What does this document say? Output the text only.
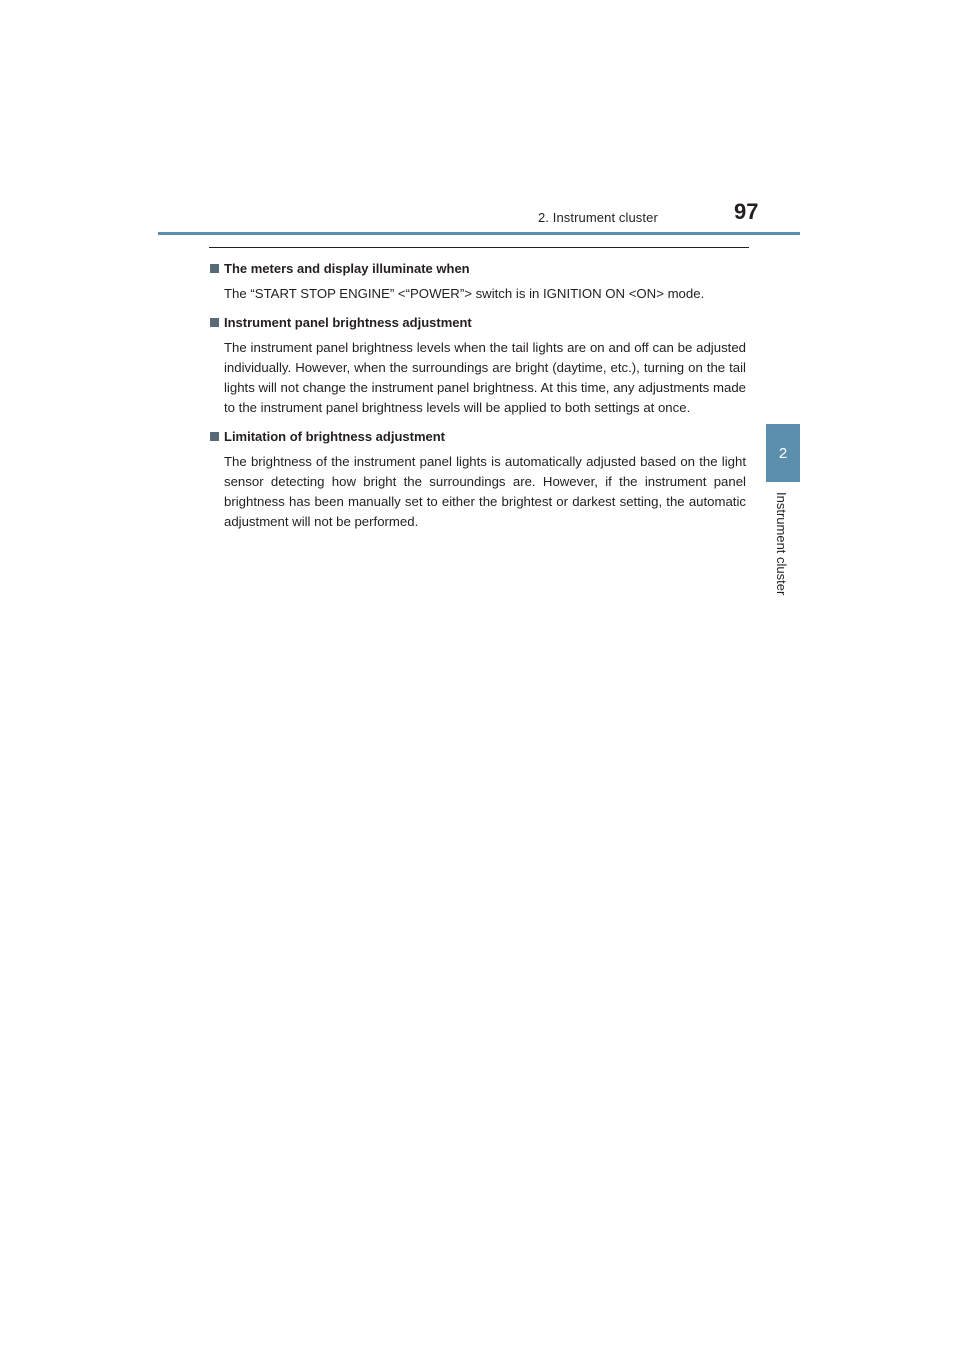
2. Instrument cluster	97
2
Instrument cluster
The meters and display illuminate when
The “START STOP ENGINE” <“POWER”> switch is in IGNITION ON <ON> mode.
Instrument panel brightness adjustment
The instrument panel brightness levels when the tail lights are on and off can be adjusted individually. However, when the surroundings are bright (daytime, etc.), turning on the tail lights will not change the instrument panel brightness. At this time, any adjustments made to the instrument panel brightness levels will be applied to both settings at once.
Limitation of brightness adjustment
The brightness of the instrument panel lights is automatically adjusted based on the light sensor detecting how bright the surroundings are. However, if the instrument panel brightness has been manually set to either the brightest or darkest setting, the automatic adjustment will not be performed.
